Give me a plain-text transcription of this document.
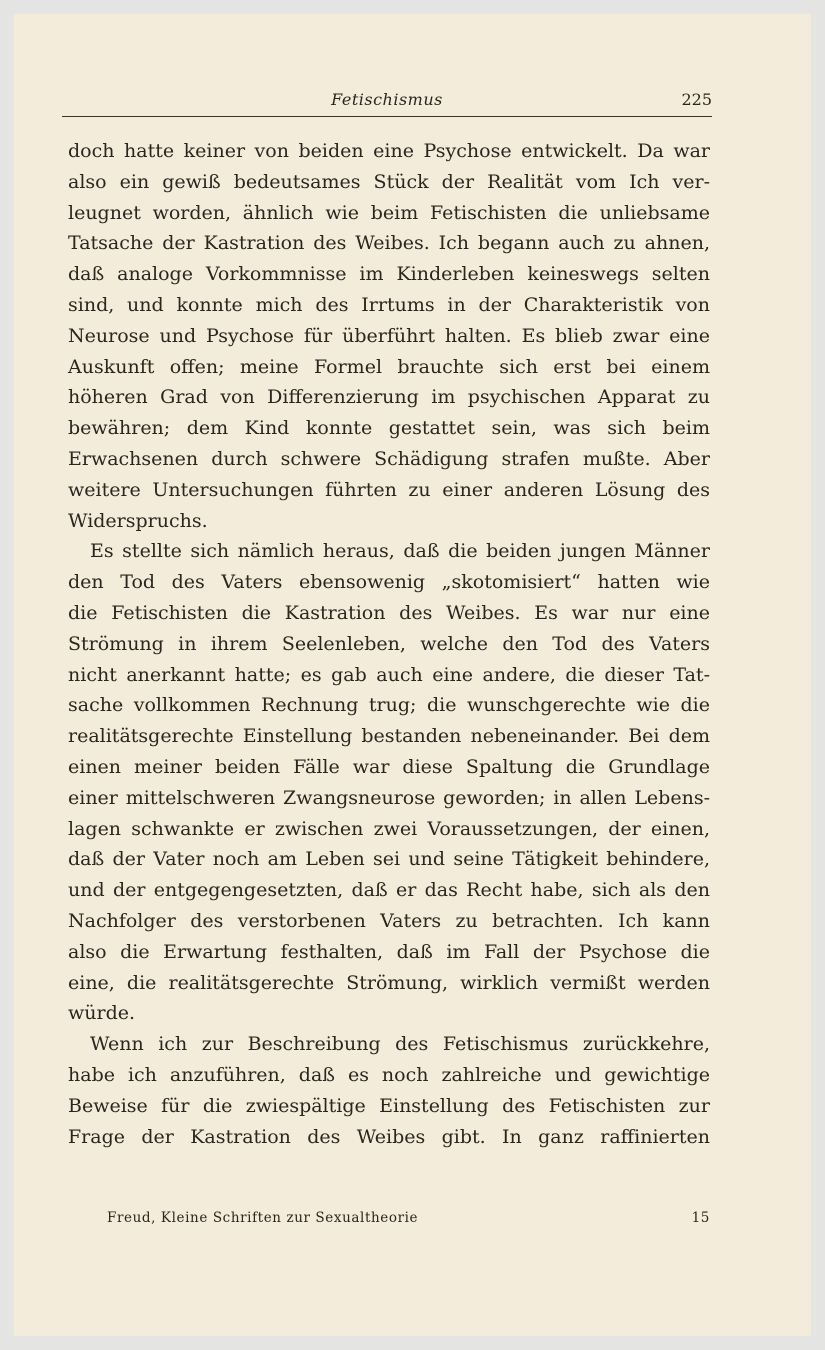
Fetischismus	225
doch hatte keiner von beiden eine Psychose entwickelt. Da war
also ein gewiß bedeutsames Stück der Realität vom Ich ver-
leugnet worden, ähnlich wie beim Fetischisten die unliebsame
Tatsache der Kastration des Weibes. Ich begann auch zu ahnen,
daß analoge Vorkommnisse im Kinderleben keineswegs selten
sind, und konnte mich des Irrtums in der Charakteristik von
Neurose und Psychose für überführt halten. Es blieb zwar eine
Auskunft offen; meine Formel brauchte sich erst bei einem
höheren Grad von Differenzierung im psychischen Apparat zu
bewähren; dem Kind konnte gestattet sein, was sich beim
Erwachsenen durch schwere Schädigung strafen mußte. Aber
weitere Untersuchungen führten zu einer anderen Lösung des
Widerspruchs.
Es stellte sich nämlich heraus, daß die beiden jungen Männer
den Tod des Vaters ebensowenig „skotomisiert“ hatten wie
die Fetischisten die Kastration des Weibes. Es war nur eine
Strömung in ihrem Seelenleben, welche den Tod des Vaters
nicht anerkannt hatte; es gab auch eine andere, die dieser Tat-
sache vollkommen Rechnung trug; die wunschgerechte wie die
realitätsgerechte Einstellung bestanden nebeneinander. Bei dem
einen meiner beiden Fälle war diese Spaltung die Grundlage
einer mittelschweren Zwangsneurose geworden; in allen Lebens-
lagen schwankte er zwischen zwei Voraussetzungen, der einen,
daß der Vater noch am Leben sei und seine Tätigkeit behindere,
und der entgegengesetzten, daß er das Recht habe, sich als den
Nachfolger des verstorbenen Vaters zu betrachten. Ich kann
also die Erwartung festhalten, daß im Fall der Psychose die
eine, die realitätsgerechte Strömung, wirklich vermißt werden
würde.
Wenn ich zur Beschreibung des Fetischismus zurückkehre,
habe ich anzuführen, daß es noch zahlreiche und gewichtige
Beweise für die zwiespältige Einstellung des Fetischisten zur
Frage der Kastration des Weibes gibt. In ganz raffinierten
Freud, Kleine Schriften zur Sexualtheorie	15
